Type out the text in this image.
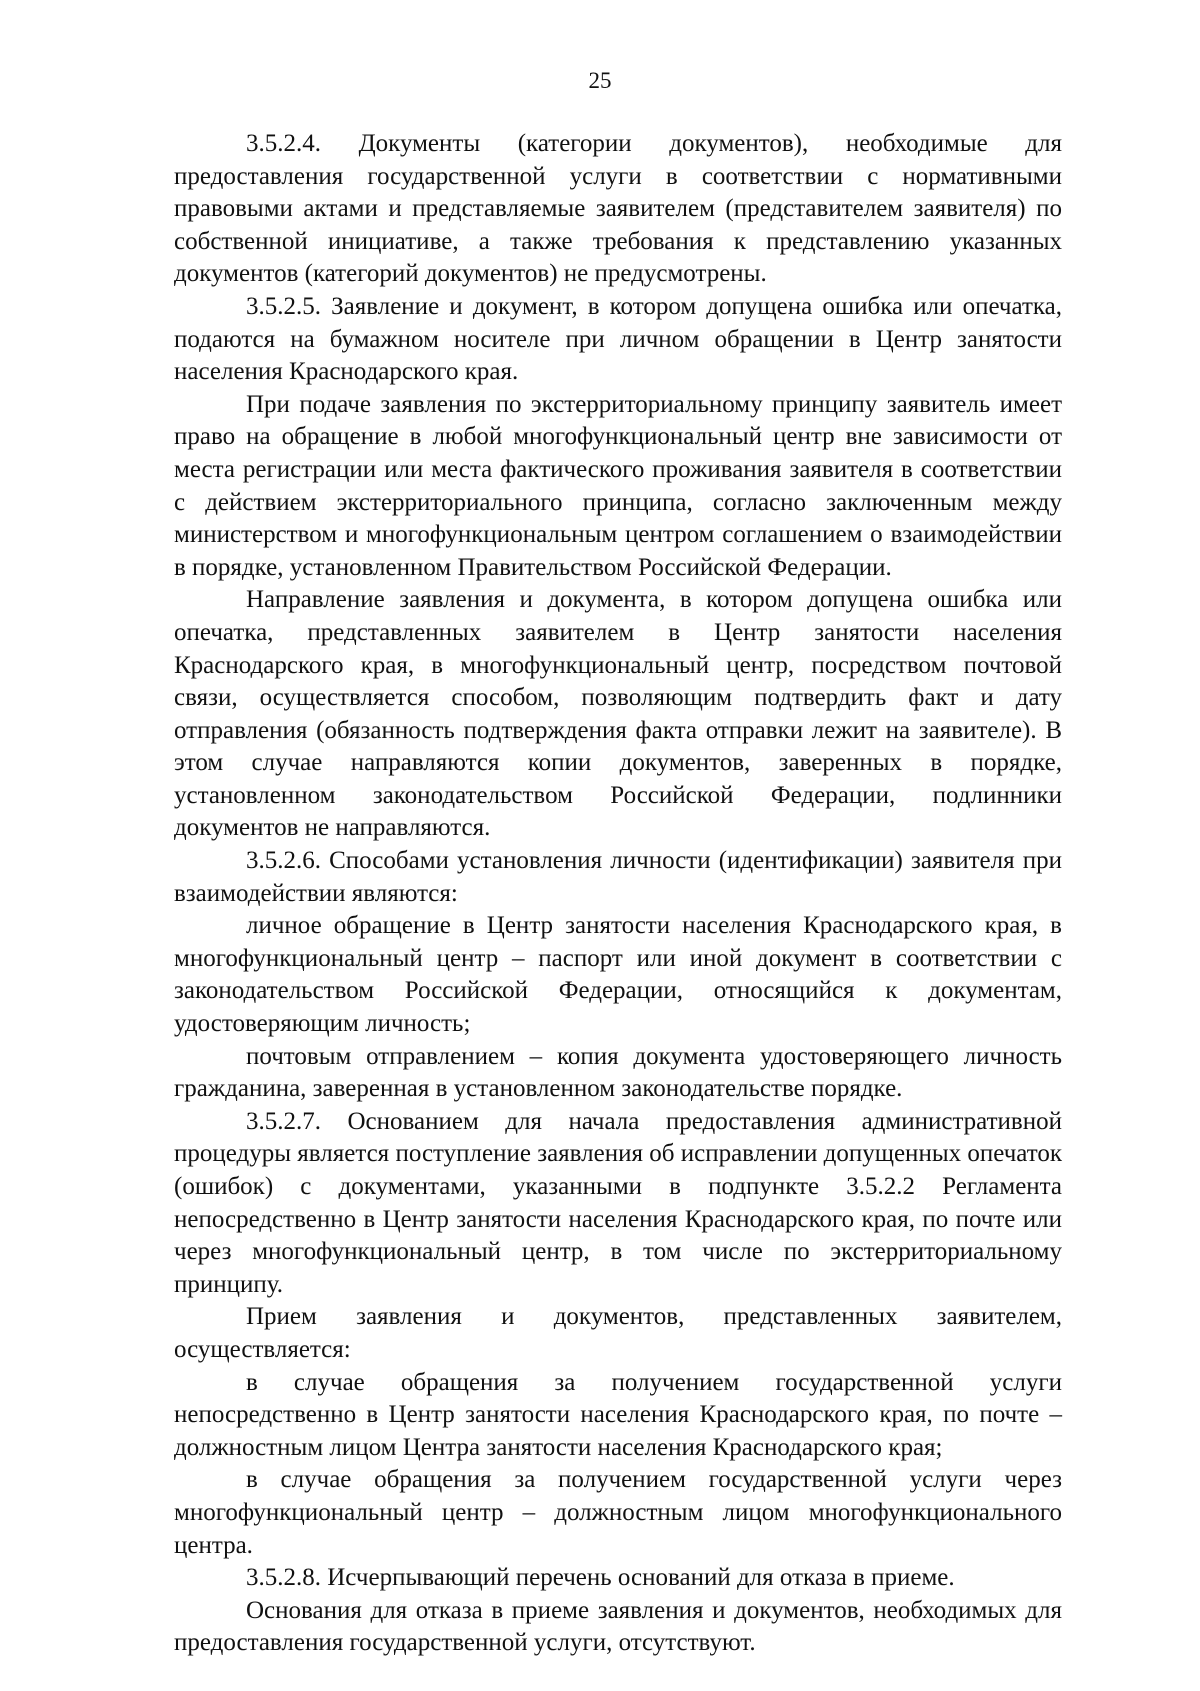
25

3.5.2.4. Документы (категории документов), необходимые для предоставления государственной услуги в соответствии с нормативными правовыми актами и представляемые заявителем (представителем заявителя) по собственной инициативе, а также требования к представлению указанных документов (категорий документов) не предусмотрены.

3.5.2.5. Заявление и документ, в котором допущена ошибка или опечатка, подаются на бумажном носителе при личном обращении в Центр занятости населения Краснодарского края.

При подаче заявления по экстерриториальному принципу заявитель имеет право на обращение в любой многофункциональный центр вне зависимости от места регистрации или места фактического проживания заявителя в соответствии с действием экстерриториального принципа, согласно заключенным между министерством и многофункциональным центром соглашением о взаимодействии в порядке, установленном Правительством Российской Федерации.

Направление заявления и документа, в котором допущена ошибка или опечатка, представленных заявителем в Центр занятости населения Краснодарского края, в многофункциональный центр, посредством почтовой связи, осуществляется способом, позволяющим подтвердить факт и дату отправления (обязанность подтверждения факта отправки лежит на заявителе). В этом случае направляются копии документов, заверенных в порядке, установленном законодательством Российской Федерации, подлинники документов не направляются.

3.5.2.6. Способами установления личности (идентификации) заявителя при взаимодействии являются:

личное обращение в Центр занятости населения Краснодарского края, в многофункциональный центр – паспорт или иной документ в соответствии с законодательством Российской Федерации, относящийся к документам, удостоверяющим личность;

почтовым отправлением – копия документа удостоверяющего личность гражданина, заверенная в установленном законодательстве порядке.

3.5.2.7. Основанием для начала предоставления административной процедуры является поступление заявления об исправлении допущенных опечаток (ошибок) с документами, указанными в подпункте 3.5.2.2 Регламента непосредственно в Центр занятости населения Краснодарского края, по почте или через многофункциональный центр, в том числе по экстерриториальному принципу.

Прием заявления и документов, представленных заявителем, осуществляется:

в случае обращения за получением государственной услуги непосредственно в Центр занятости населения Краснодарского края, по почте – должностным лицом Центра занятости населения Краснодарского края;

в случае обращения за получением государственной услуги через многофункциональный центр – должностным лицом многофункционального центра.

3.5.2.8. Исчерпывающий перечень оснований для отказа в приеме.

Основания для отказа в приеме заявления и документов, необходимых для предоставления государственной услуги, отсутствуют.
